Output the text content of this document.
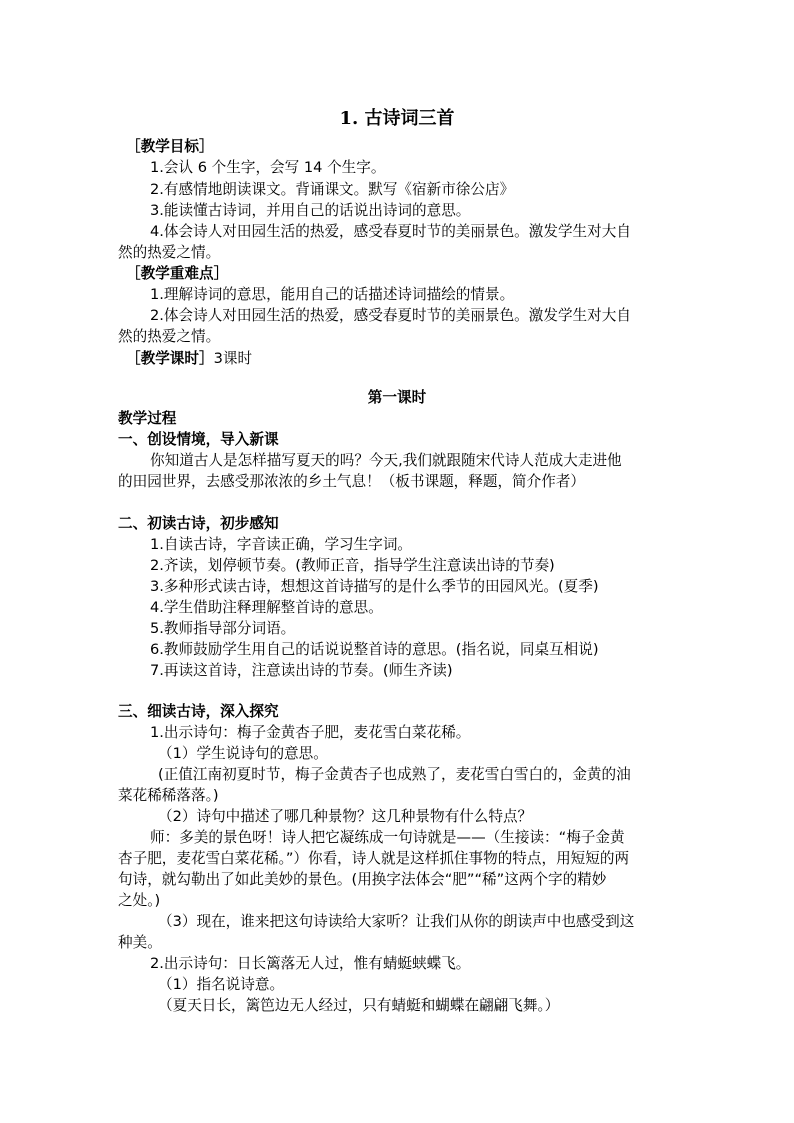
1. 古诗词三首
［教学目标］
1.会认 6 个生字，会写 14 个生字。
2.有感情地朗读课文。背诵课文。默写《宿新市徐公店》
3.能读懂古诗词，并用自己的话说出诗词的意思。
4.体会诗人对田园生活的热爱，感受春夏时节的美丽景色。激发学生对大自
然的热爱之情。
［教学重难点］
1.理解诗词的意思，能用自己的话描述诗词描绘的情景。
2.体会诗人对田园生活的热爱，感受春夏时节的美丽景色。激发学生对大自
然的热爱之情。
［教学课时］3课时
第一课时
教学过程
一、创设情境，导入新课
你知道古人是怎样描写夏天的吗？今天,我们就跟随宋代诗人范成大走进他
的田园世界，去感受那浓浓的乡土气息！（板书课题，释题，简介作者）
二、初读古诗，初步感知
1.自读古诗，字音读正确，学习生字词。
2.齐读，划停顿节奏。(教师正音，指导学生注意读出诗的节奏)
3.多种形式读古诗，想想这首诗描写的是什么季节的田园风光。(夏季)
4.学生借助注释理解整首诗的意思。
5.教师指导部分词语。
6.教师鼓励学生用自己的话说说整首诗的意思。(指名说，同桌互相说)
7.再读这首诗，注意读出诗的节奏。(师生齐读)
三、细读古诗，深入探究
1.出示诗句：梅子金黄杏子肥，麦花雪白菜花稀。
（1）学生说诗句的意思。
(正值江南初夏时节，梅子金黄杏子也成熟了，麦花雪白雪白的，金黄的油
菜花稀稀落落。)
（2）诗句中描述了哪几种景物？这几种景物有什么特点？
师：多美的景色呀！诗人把它凝练成一句诗就是——（生接读：“梅子金黄
杏子肥，麦花雪白菜花稀。”）你看，诗人就是这样抓住事物的特点，用短短的两
句诗，就勾勒出了如此美妙的景色。(用换字法体会“肥”“稀”这两个字的精妙
之处。)
（3）现在，谁来把这句诗读给大家听？让我们从你的朗读声中也感受到这
种美。
2.出示诗句：日长篱落无人过，惟有蜻蜓蛱蝶飞。
（1）指名说诗意。
（夏天日长，篱笆边无人经过，只有蜻蜓和蝴蝶在翩翩飞舞。）
